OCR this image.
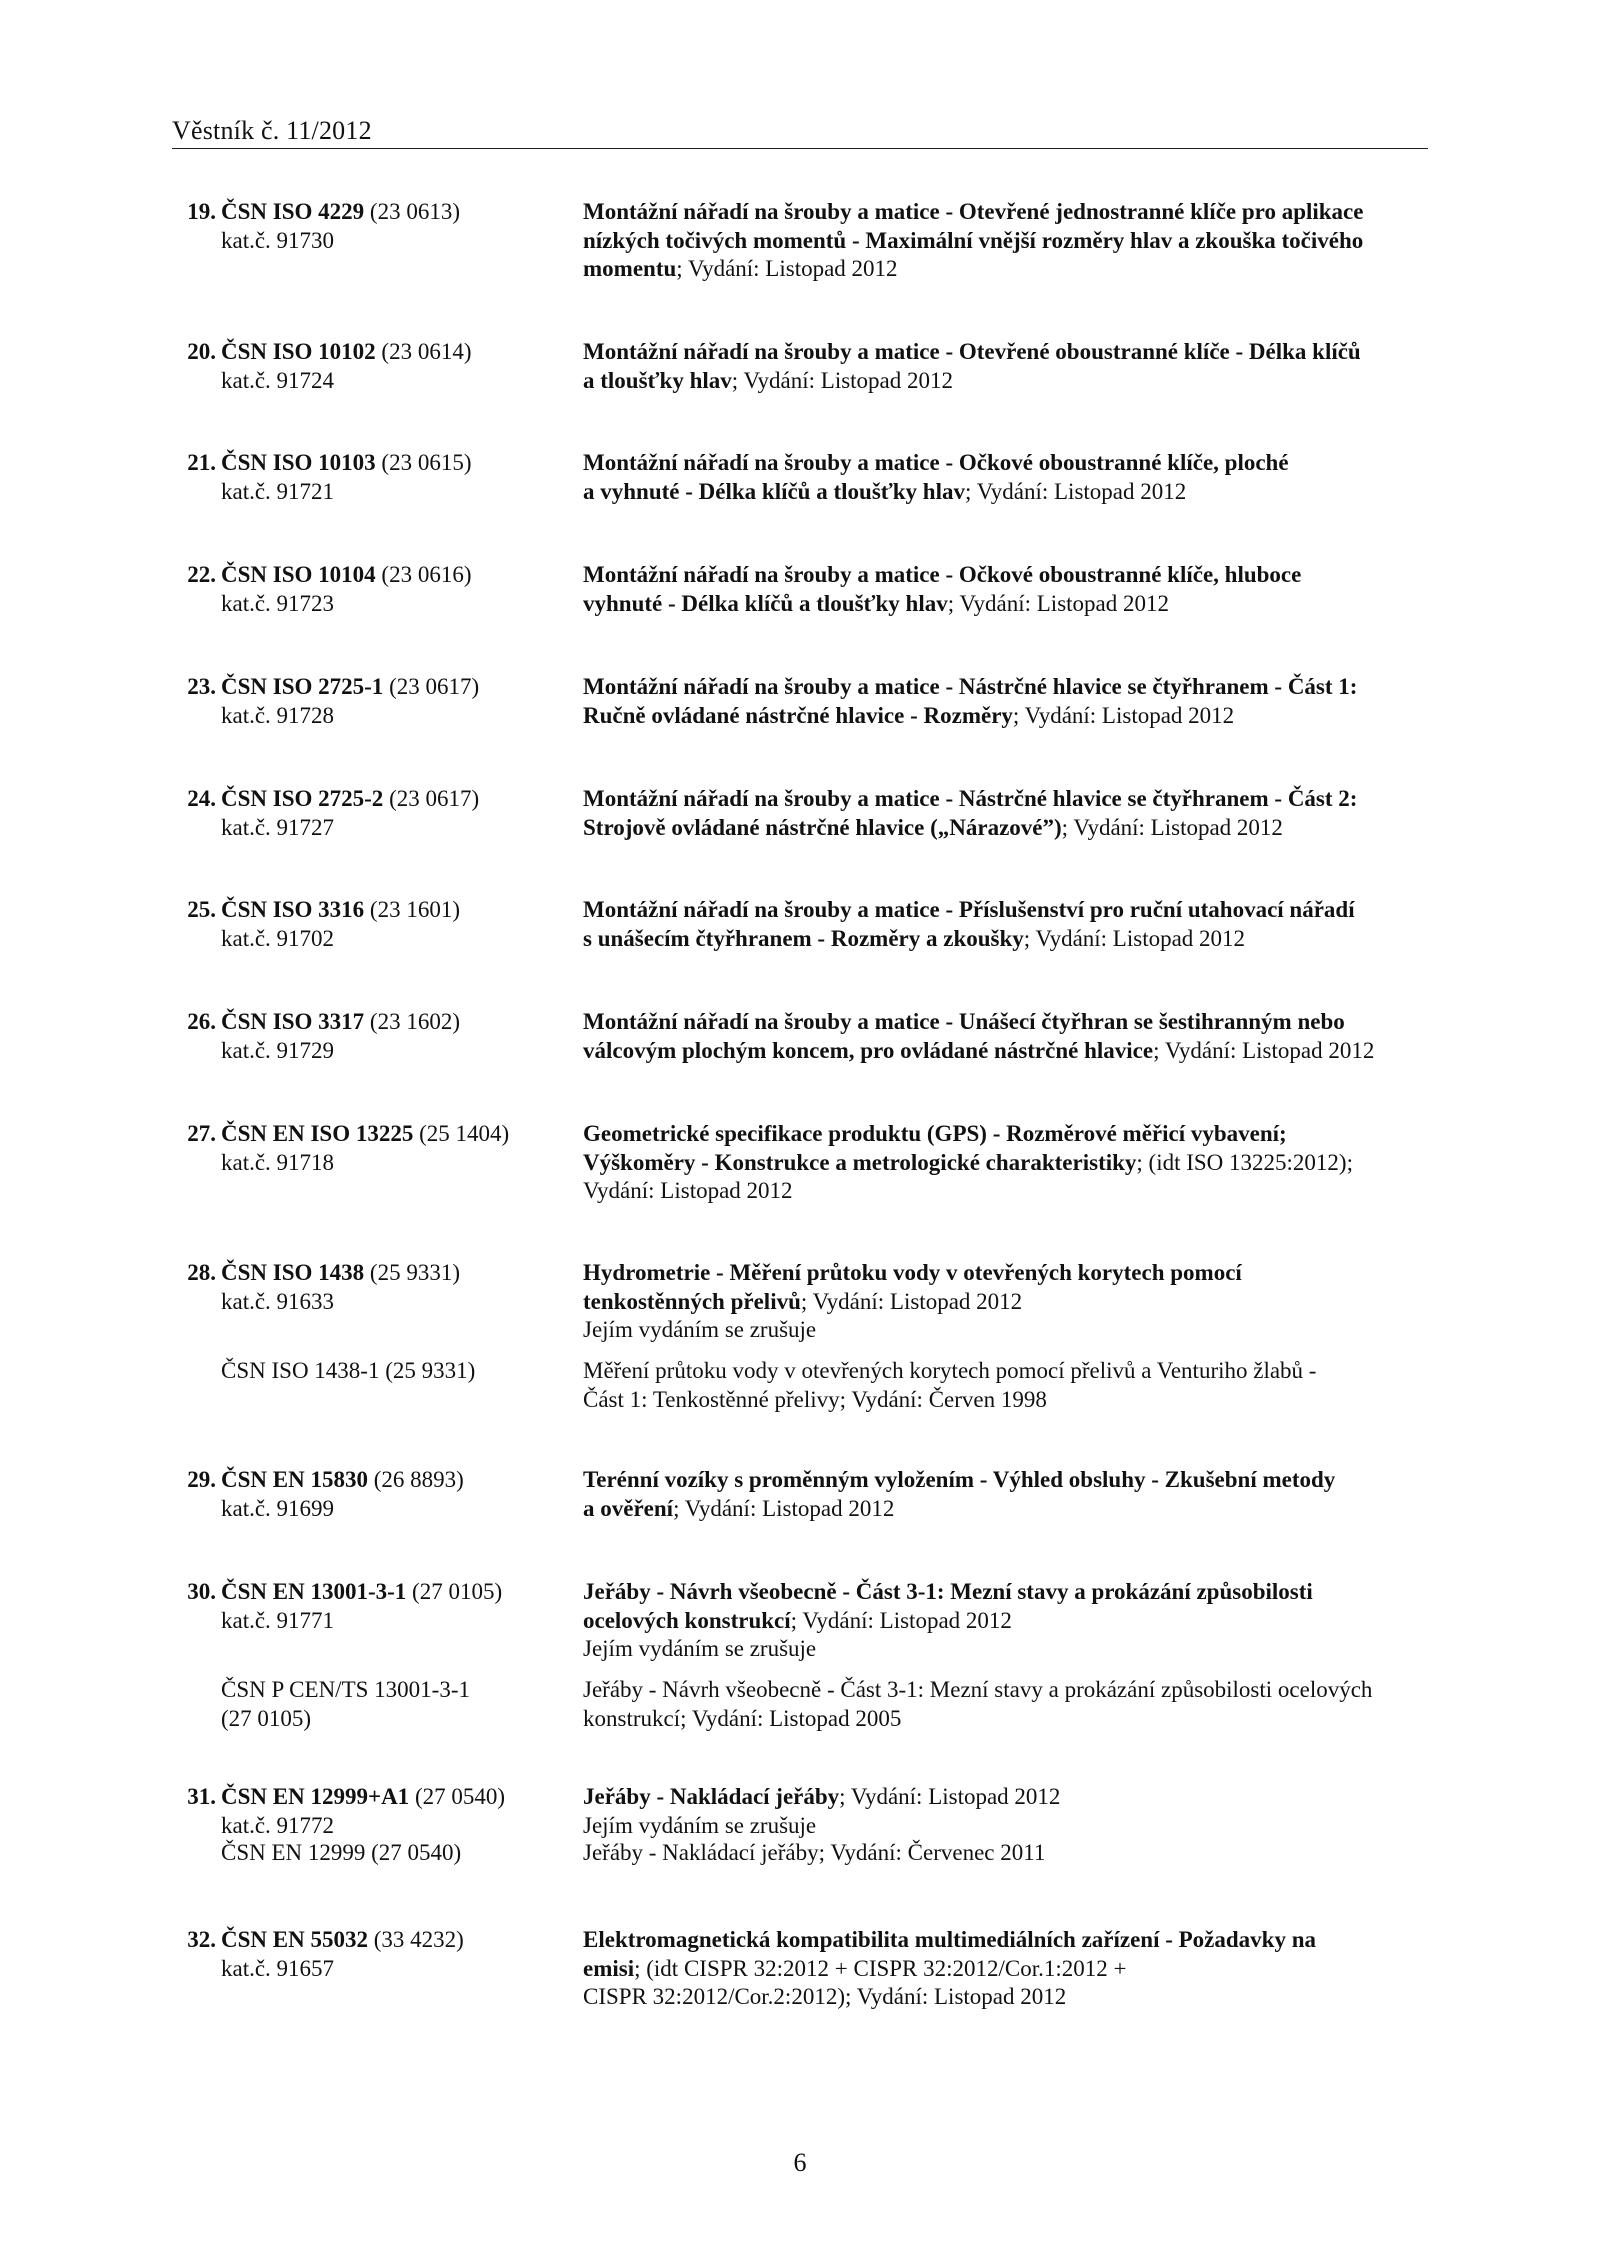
Věstník č. 11/2012
19. ČSN ISO 4229 (23 0613)
kat.č. 91730
Montážní nářadí na šrouby a matice - Otevřené jednostranné klíče pro aplikace
nízkých točivých momentů - Maximální vnější rozměry hlav a zkouška točivého
momentu; Vydání: Listopad 2012
20. ČSN ISO 10102 (23 0614)
kat.č. 91724
Montážní nářadí na šrouby a matice - Otevřené oboustranné klíče - Délka klíčů
a tloušťky hlav; Vydání: Listopad 2012
21. ČSN ISO 10103 (23 0615)
kat.č. 91721
Montážní nářadí na šrouby a matice - Očkové oboustranné klíče, ploché
a vyhnuté - Délka klíčů a tloušťky hlav; Vydání: Listopad 2012
22. ČSN ISO 10104 (23 0616)
kat.č. 91723
Montážní nářadí na šrouby a matice - Očkové oboustranné klíče, hluboce
vyhnuté - Délka klíčů a tloušťky hlav; Vydání: Listopad 2012
23. ČSN ISO 2725-1 (23 0617)
kat.č. 91728
Montážní nářadí na šrouby a matice - Nástrčné hlavice se čtyřhranem - Část 1:
Ručně ovládané nástrčné hlavice - Rozměry; Vydání: Listopad 2012
24. ČSN ISO 2725-2 (23 0617)
kat.č. 91727
Montážní nářadí na šrouby a matice - Nástrčné hlavice se čtyřhranem - Část 2:
Strojově ovládané nástrčné hlavice („Nárazové”); Vydání: Listopad 2012
25. ČSN ISO 3316 (23 1601)
kat.č. 91702
Montážní nářadí na šrouby a matice - Příslušenství pro ruční utahovací nářadí
s unášecím čtyřhranem - Rozměry a zkoušky; Vydání: Listopad 2012
26. ČSN ISO 3317 (23 1602)
kat.č. 91729
Montážní nářadí na šrouby a matice - Unášecí čtyřhran se šestihranným nebo
válcovým plochým koncem, pro ovládané nástrčné hlavice; Vydání: Listopad 2012
27. ČSN EN ISO 13225 (25 1404)
kat.č. 91718
Geometrické specifikace produktu (GPS) - Rozměrové měřicí vybavení;
Výškoměry - Konstrukce a metrologické charakteristiky; (idt ISO 13225:2012);
Vydání: Listopad 2012
28. ČSN ISO 1438 (25 9331)
kat.č. 91633
Hydrometrie - Měření průtoku vody v otevřených korytech pomocí
tenkostěnných přelivů; Vydání: Listopad 2012
Jejím vydáním se zrušuje
ČSN ISO 1438-1 (25 9331)	Měření průtoku vody v otevřených korytech pomocí přelivů a Venturiho žlabů -
Část 1: Tenkostěnné přelivy; Vydání: Červen 1998
29. ČSN EN 15830 (26 8893)
kat.č. 91699
Terénní vozíky s proměnným vyložením - Výhled obsluhy - Zkušební metody
a ověření; Vydání: Listopad 2012
30. ČSN EN 13001-3-1 (27 0105)
kat.č. 91771
Jeřáby - Návrh všeobecně - Část 3-1: Mezní stavy a prokázání způsobilosti
ocelových konstrukcí; Vydání: Listopad 2012
Jejím vydáním se zrušuje
ČSN P CEN/TS 13001-3-1
(27 0105)
Jeřáby - Návrh všeobecně - Část 3-1: Mezní stavy a prokázání způsobilosti ocelových
konstrukcí; Vydání: Listopad 2005
31. ČSN EN 12999+A1 (27 0540)
kat.č. 91772
Jeřáby - Nakládací jeřáby; Vydání: Listopad 2012
Jejím vydáním se zrušuje
ČSN EN 12999 (27 0540)	Jeřáby - Nakládací jeřáby; Vydání: Červenec 2011
32. ČSN EN 55032 (33 4232)
kat.č. 91657
Elektromagnetická kompatibilita multimediálních zařízení - Požadavky na
emisi; (idt CISPR 32:2012 + CISPR 32:2012/Cor.1:2012 +
CISPR 32:2012/Cor.2:2012); Vydání: Listopad 2012
6
